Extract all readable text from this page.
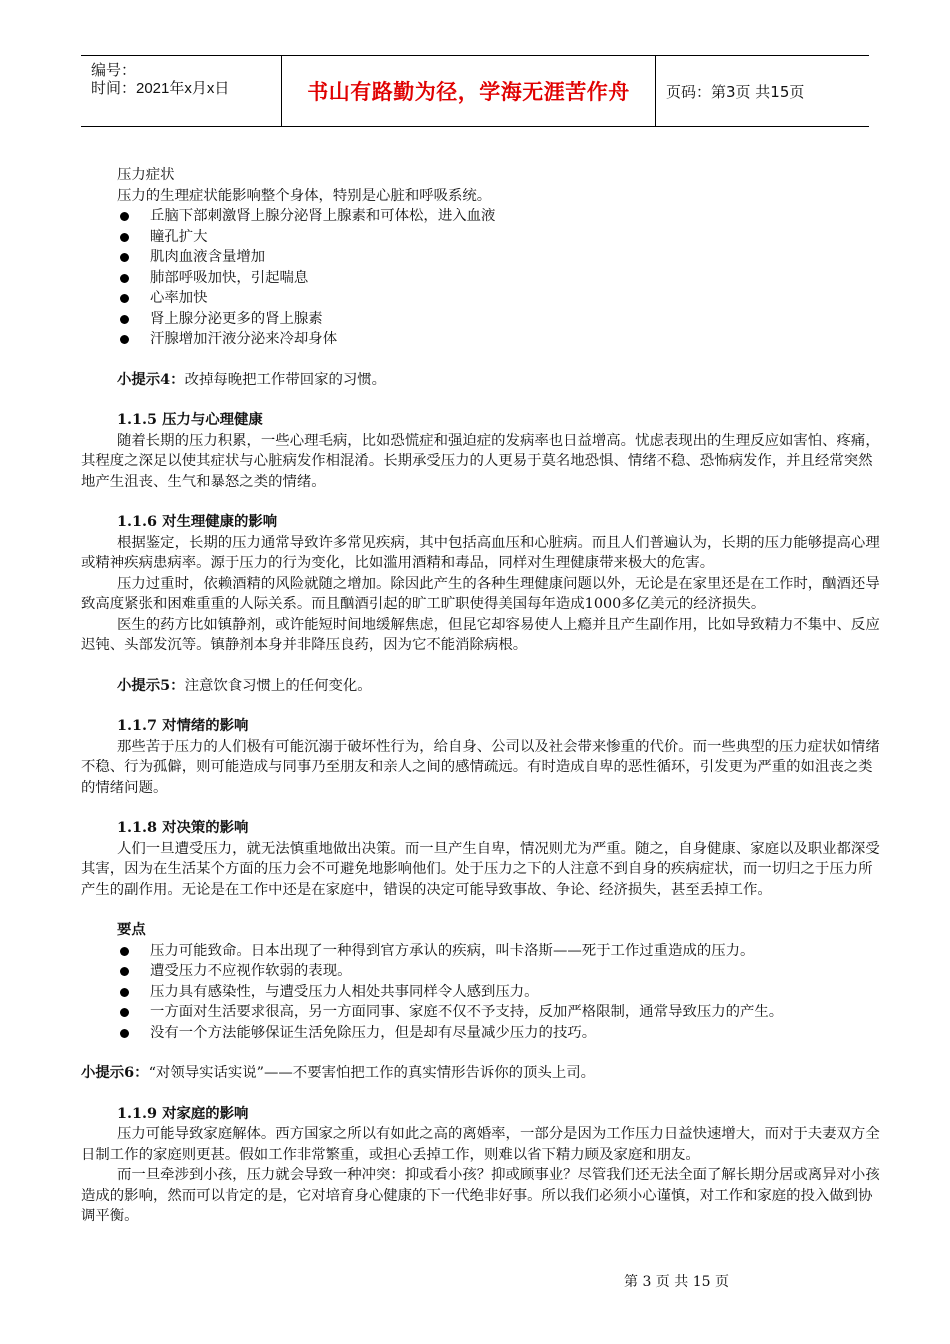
编号：
时间：2021年x月x日	书山有路勤为径，学海无涯苦作舟	页码：第3页 共15页

压力症状

压力的生理症状能影响整个身体，特别是心脏和呼吸系统。

丘脑下部刺激肾上腺分泌肾上腺素和可体松，进入血液
瞳孔扩大
肌肉血液含量增加
肺部呼吸加快，引起喘息
心率加快
肾上腺分泌更多的肾上腺素
汗腺增加汗液分泌来冷却身体

小提示4：改掉每晚把工作带回家的习惯。

1.1.5 压力与心理健康

随着长期的压力积累，一些心理毛病，比如恐慌症和强迫症的发病率也日益增高。忧虑表现出的生理反应如害怕、疼痛，其程度之深足以使其症状与心脏病发作相混淆。长期承受压力的人更易于莫名地恐惧、情绪不稳、恐怖病发作，并且经常突然地产生沮丧、生气和暴怒之类的情绪。

1.1.6 对生理健康的影响

根据鉴定，长期的压力通常导致许多常见疾病，其中包括高血压和心脏病。而且人们普遍认为，长期的压力能够提高心理或精神疾病患病率。源于压力的行为变化，比如滥用酒精和毒品，同样对生理健康带来极大的危害。

压力过重时，依赖酒精的风险就随之增加。除因此产生的各种生理健康问题以外，无论是在家里还是在工作时，酗酒还导致高度紧张和困难重重的人际关系。而且酗酒引起的旷工旷职使得美国每年造成1000多亿美元的经济损失。

医生的药方比如镇静剂，或许能短时间地缓解焦虑，但昆它却容易使人上瘾并且产生副作用，比如导致精力不集中、反应迟钝、头部发沉等。镇静剂本身并非降压良药，因为它不能消除病根。

小提示5：注意饮食习惯上的任何变化。

1.1.7 对情绪的影响

那些苦于压力的人们极有可能沉溺于破坏性行为，给自身、公司以及社会带来惨重的代价。而一些典型的压力症状如情绪不稳、行为孤僻，则可能造成与同事乃至朋友和亲人之间的感情疏远。有时造成自卑的恶性循环，引发更为严重的如沮丧之类的情绪问题。

1.1.8 对决策的影响

人们一旦遭受压力，就无法慎重地做出决策。而一旦产生自卑，情况则尤为严重。随之，自身健康、家庭以及职业都深受其害，因为在生活某个方面的压力会不可避免地影响他们。处于压力之下的人注意不到自身的疾病症状，而一切归之于压力所产生的副作用。无论是在工作中还是在家庭中，错误的决定可能导致事故、争论、经济损失，甚至丢掉工作。

要点

压力可能致命。日本出现了一种得到官方承认的疾病，叫卡洛斯——死于工作过重造成的压力。
遭受压力不应视作软弱的表现。
压力具有感染性，与遭受压力人相处共事同样令人感到压力。
一方面对生活要求很高，另一方面同事、家庭不仅不予支持，反加严格限制，通常导致压力的产生。
没有一个方法能够保证生活免除压力，但是却有尽量减少压力的技巧。

小提示6：“对领导实话实说”——不要害怕把工作的真实情形告诉你的顶头上司。

1.1.9 对家庭的影响

压力可能导致家庭解体。西方国家之所以有如此之高的离婚率，一部分是因为工作压力日益快速增大，而对于夫妻双方全日制工作的家庭则更甚。假如工作非常繁重，或担心丢掉工作，则难以省下精力顾及家庭和朋友。

而一旦牵涉到小孩，压力就会导致一种冲突：抑或看小孩？抑或顾事业？尽管我们还无法全面了解长期分居或离异对小孩造成的影响，然而可以肯定的是，它对培育身心健康的下一代绝非好事。所以我们必须小心谨慎，对工作和家庭的投入做到协调平衡。

第 3 页 共 15 页
